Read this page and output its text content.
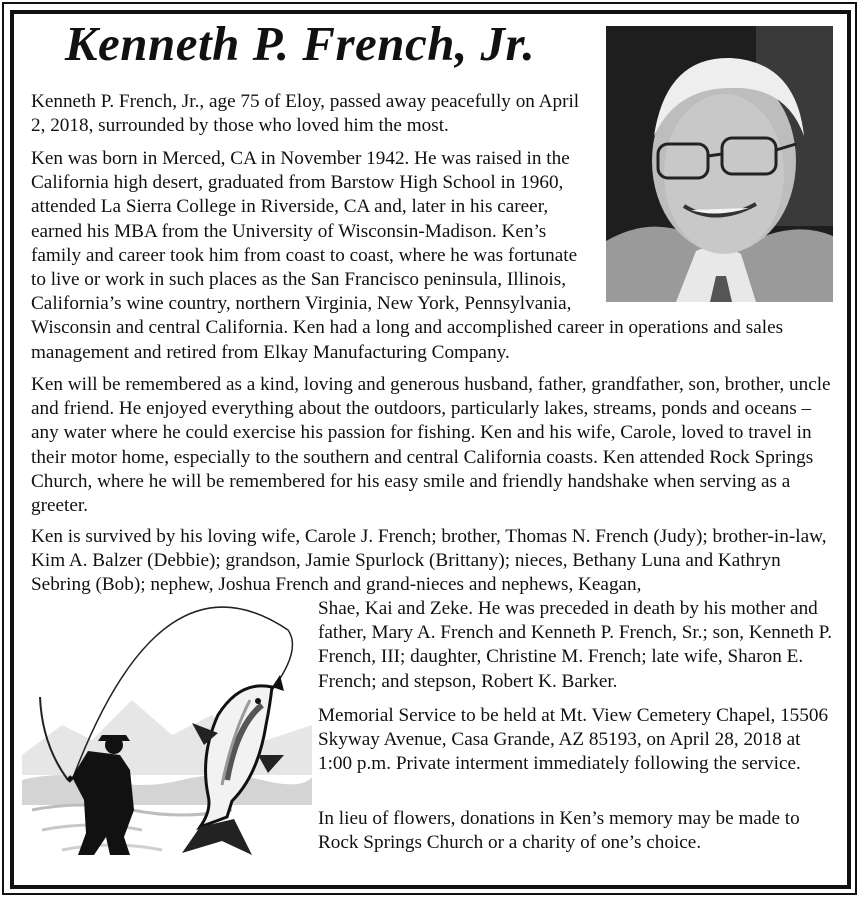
Kenneth P. French, Jr.
Kenneth P. French, Jr., age 75 of Eloy, passed away peacefully on April 2, 2018, surrounded by those who loved him the most.
Ken was born in Merced, CA in November 1942. He was raised in the California high desert, graduated from Barstow High School in 1960, attended La Sierra College in Riverside, CA and, later in his career, earned his MBA from the University of Wisconsin-Madison. Ken’s family and career took him from coast to coast, where he was fortunate to live or work in such places as the San Francisco peninsula, Illinois, California’s wine country, northern Virginia, New York, Pennsylvania, Wisconsin and central California. Ken had a long and accomplished career in operations and sales management and retired from Elkay Manufacturing Company.
Ken will be remembered as a kind, loving and generous husband, father, grandfather, son, brother, uncle and friend. He enjoyed everything about the outdoors, particularly lakes, streams, ponds and oceans – any water where he could exercise his passion for fishing. Ken and his wife, Carole, loved to travel in their motor home, especially to the southern and central California coasts. Ken attended Rock Springs Church, where he will be remembered for his easy smile and friendly handshake when serving as a greeter.
Ken is survived by his loving wife, Carole J. French; brother, Thomas N. French (Judy); brother-in-law, Kim A. Balzer (Debbie); grandson, Jamie Spurlock (Brittany); nieces, Bethany Luna and Kathryn Sebring (Bob); nephew, Joshua French and grand-nieces and nephews, Keagan,
Shae, Kai and Zeke. He was preceded in death by his mother and father, Mary A. French and Kenneth P. French, Sr.; son, Kenneth P. French, III; daughter, Christine M. French; late wife, Sharon E. French; and stepson, Robert K. Barker.
Memorial Service to be held at Mt. View Cemetery Chapel, 15506 Skyway Avenue, Casa Grande, AZ 85193, on April 28, 2018 at 1:00 p.m. Private interment immediately following the service.
In lieu of flowers, donations in Ken’s memory may be made to Rock Springs Church or a charity of one’s choice.
